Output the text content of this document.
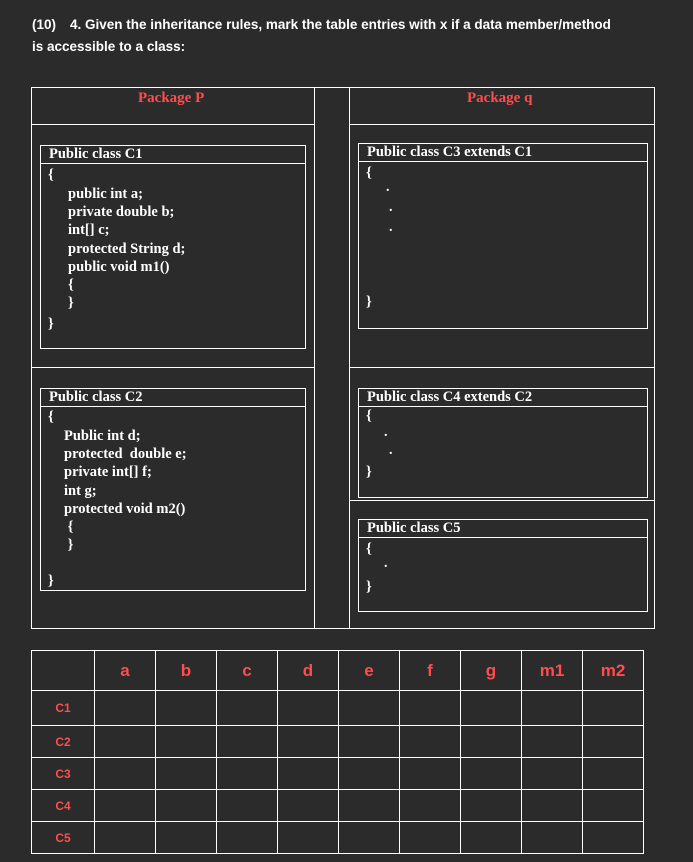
(10) 4. Given the inheritance rules, mark the table entries with x if a data member/method
is accessible to a class:
Package P	Package q
Public class C1
{
public int a;
private double b;
int[] c;
protected String d;
public void m1()
{
}
}
Public class C2
{
Public int d;
protected  double e;
private int[] f;
int g;
protected void m2()
{
}
}
Public class C3 extends C1
{
.
.
.
}
Public class C4 extends C2
{
.
.
}
Public class C5
{
.
}
	a	b	c	d	e	f	g	m1	m2
C1									
C2									
C3									
C4									
C5									
